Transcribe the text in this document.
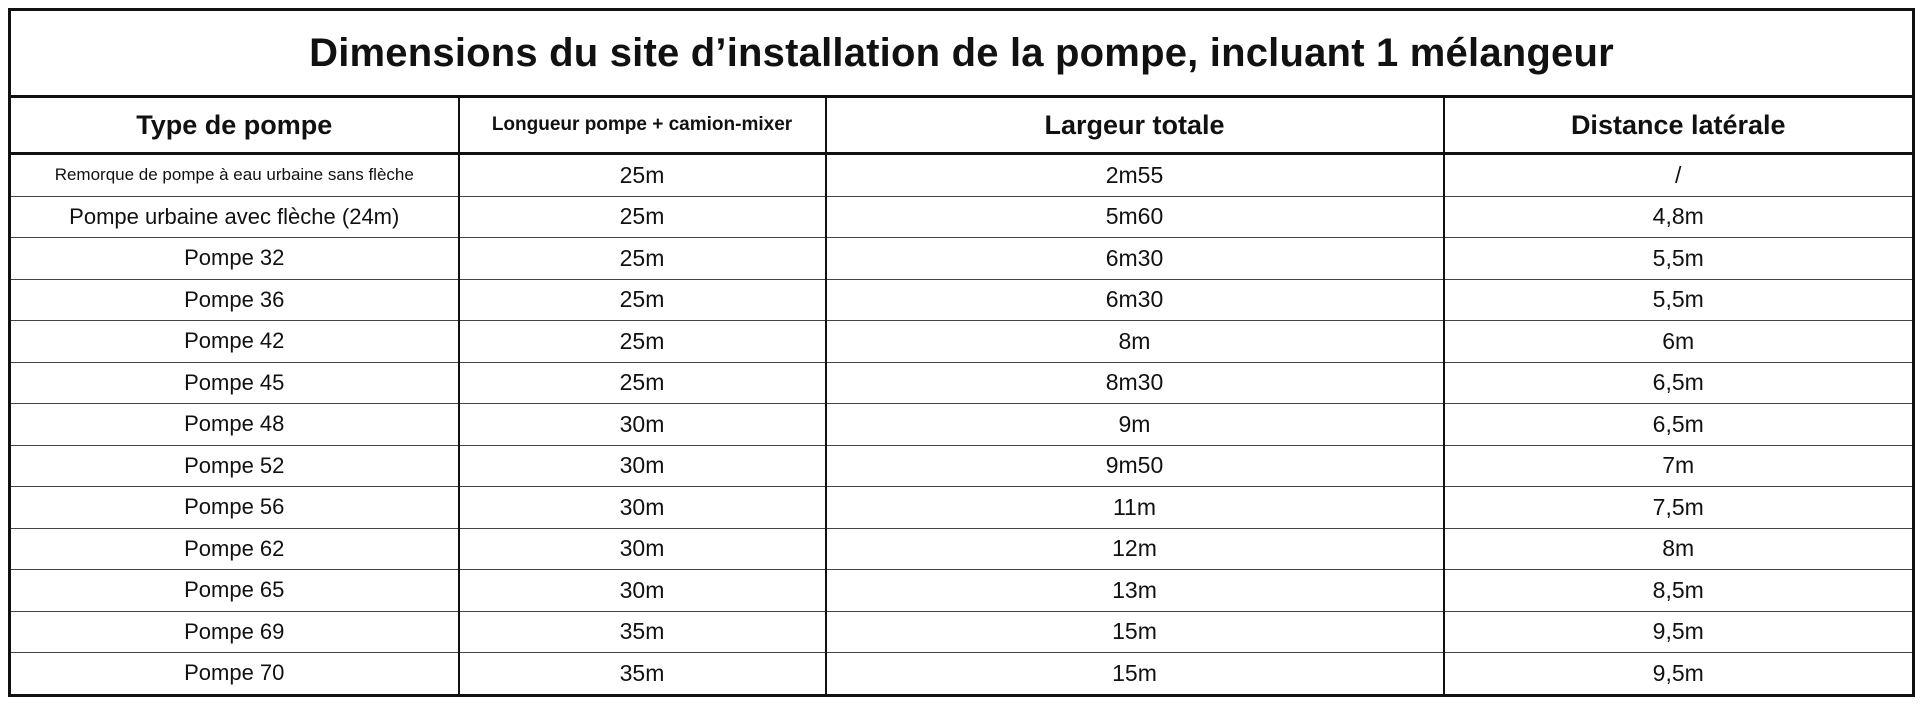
Dimensions du site d’installation de la pompe, incluant 1 mélangeur			
Type de pompe	Longueur pompe + camion-mixer	Largeur totale	Distance latérale
Remorque de pompe à eau urbaine sans flèche	25m	2m55	/
Pompe urbaine avec flèche (24m)	25m	5m60	4,8m
Pompe 32	25m	6m30	5,5m
Pompe 36	25m	6m30	5,5m
Pompe 42	25m	8m	6m
Pompe 45	25m	8m30	6,5m
Pompe 48	30m	9m	6,5m
Pompe 52	30m	9m50	7m
Pompe 56	30m	11m	7,5m
Pompe 62	30m	12m	8m
Pompe 65	30m	13m	8,5m
Pompe 69	35m	15m	9,5m
Pompe 70	35m	15m	9,5m
